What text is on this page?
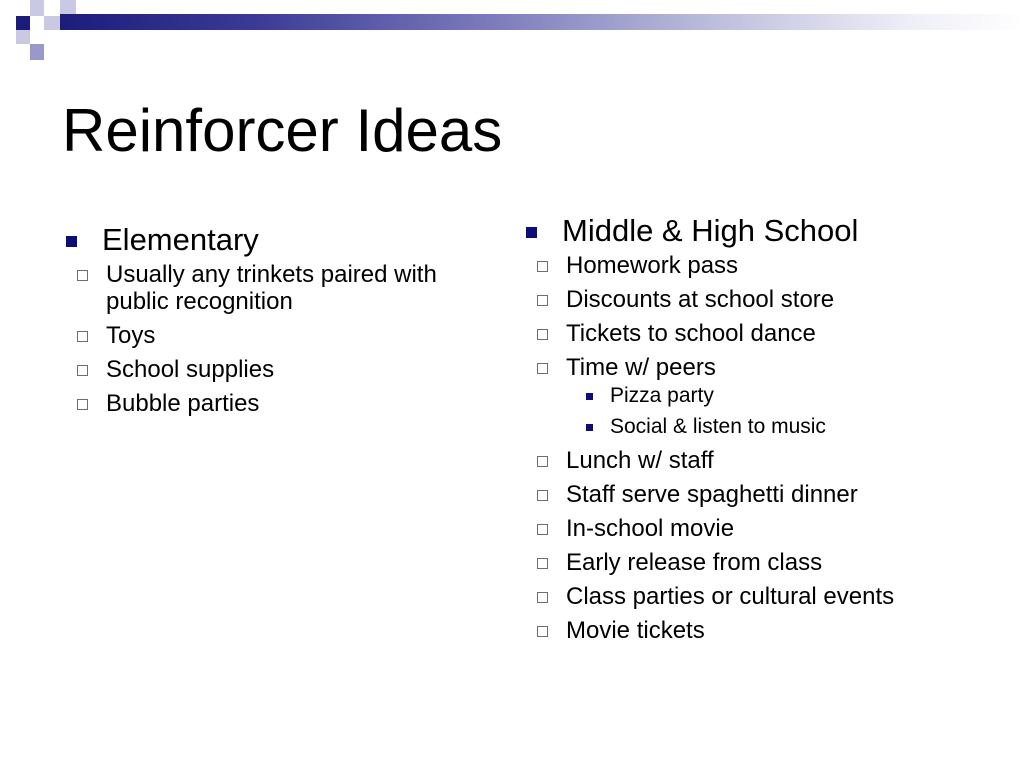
Reinforcer Ideas
Elementary
Usually any trinkets paired with public recognition
Toys
School supplies
Bubble parties
Middle & High School
Homework pass
Discounts at school store
Tickets to school dance
Time w/ peers
Pizza party
Social & listen to music
Lunch w/ staff
Staff serve spaghetti dinner
In-school movie
Early release from class
Class parties or cultural events
Movie tickets
